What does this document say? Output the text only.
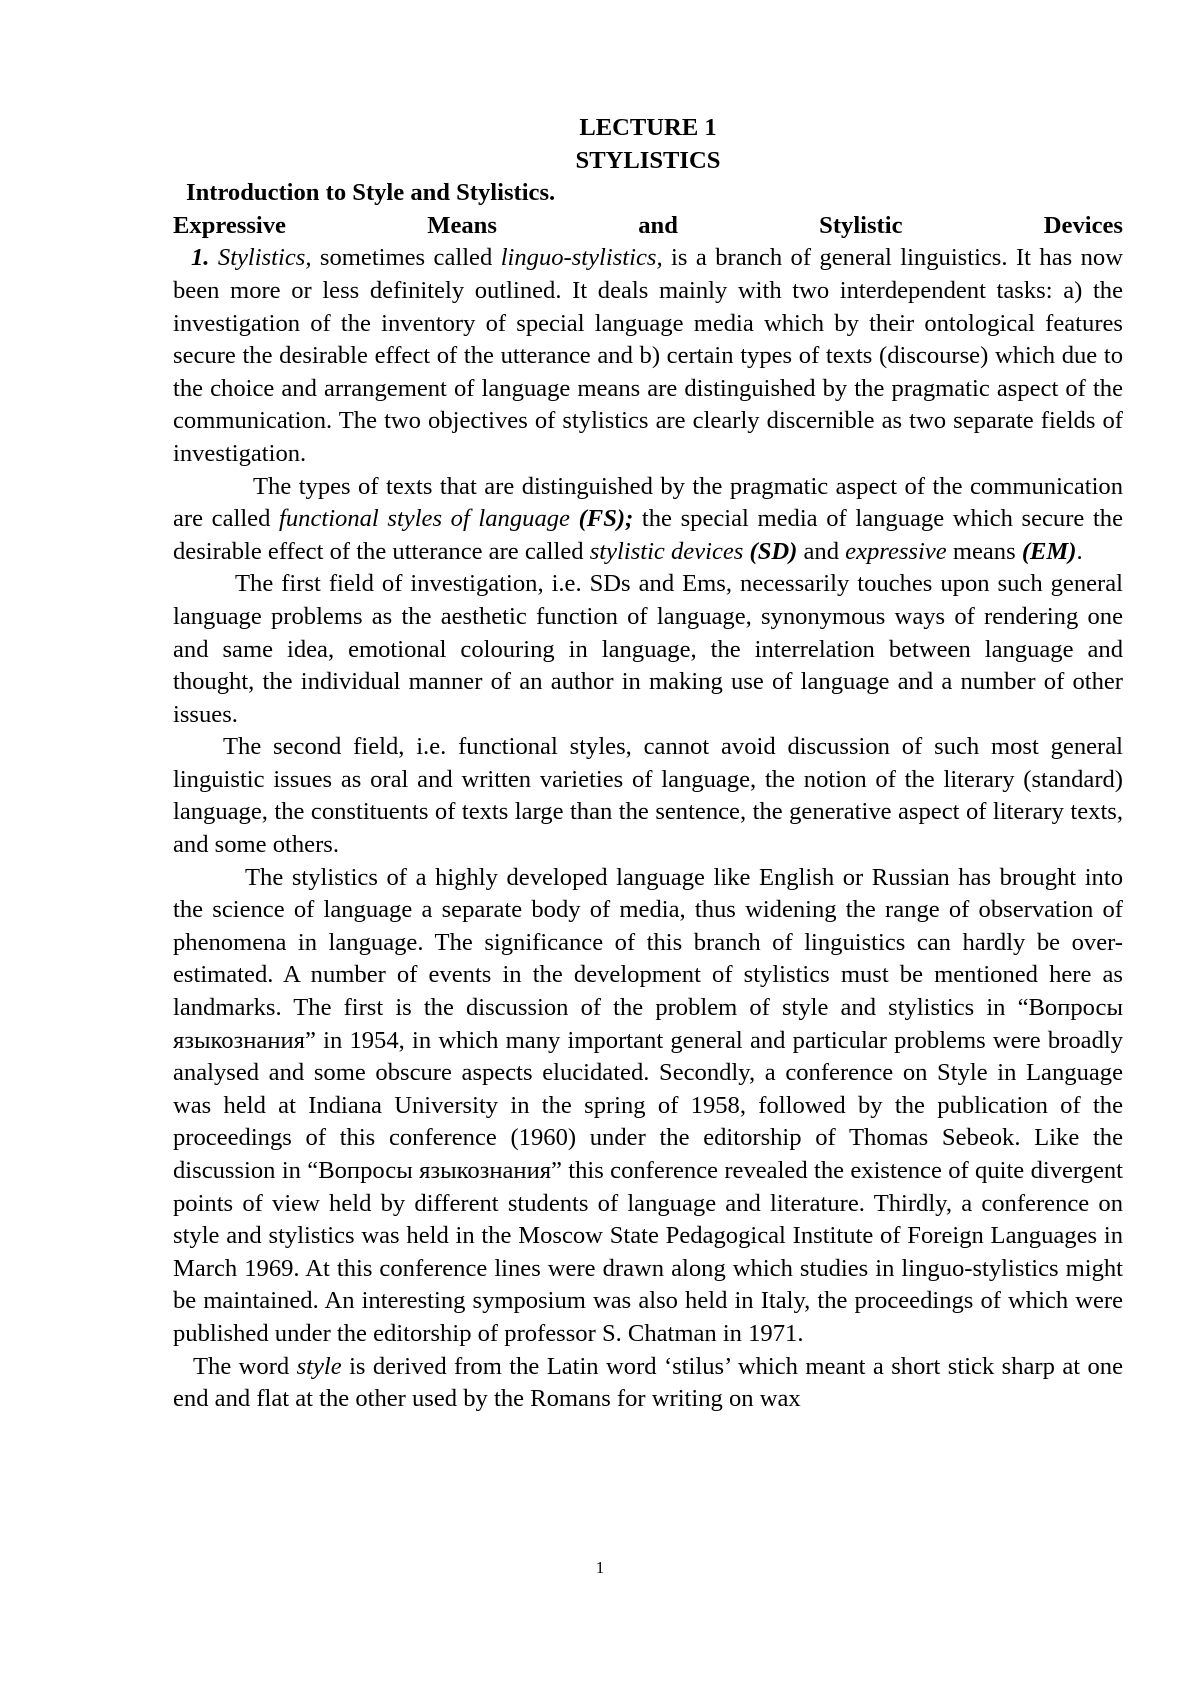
LECTURE 1

STYLISTICS

Introduction to Style and Stylistics.

Expressive	Means	and	Stylistic	Devices

1. Stylistics, sometimes called linguo-stylistics, is a branch of general linguistics. It has now been more or less definitely outlined. It deals mainly with two interdependent tasks: a) the investigation of the inventory of special language media which by their ontological features secure the desirable effect of the utterance and b) certain types of texts (discourse) which due to the choice and arrangement of language means are distinguished by the pragmatic aspect of the communication. The two objectives of stylistics are clearly discernible as two separate fields of investigation.

The types of texts that are distinguished by the pragmatic aspect of the communication are called functional styles of language (FS); the special media of language which secure the desirable effect of the utterance are called stylistic devices (SD) and expressive means (EM).

The first field of investigation, i.e. SDs and Ems, necessarily touches upon such general language problems as the aesthetic function of language, synonymous ways of rendering one and same idea, emotional colouring in language, the interrelation between language and thought, the individual manner of an author in making use of language and a number of other issues.

The second field, i.e. functional styles, cannot avoid discussion of such most general linguistic issues as oral and written varieties of language, the notion of the literary (standard) language, the constituents of texts large than the sentence, the generative aspect of literary texts, and some others.

The stylistics of a highly developed language like English or Russian has brought into the science of language a separate body of media, thus widening the range of observation of phenomena in language. The significance of this branch of linguistics can hardly be over-estimated. A number of events in the development of stylistics must be mentioned here as landmarks. The first is the discussion of the problem of style and stylistics in “Вопросы языкознания” in 1954, in which many important general and particular problems were broadly analysed and some obscure aspects elucidated. Secondly, a conference on Style in Language was held at Indiana University in the spring of 1958, followed by the publication of the proceedings of this conference (1960) under the editorship of Thomas Sebeok. Like the discussion in “Вопросы языкознания” this conference revealed the existence of quite divergent points of view held by different students of language and literature. Thirdly, a conference on style and stylistics was held in the Moscow State Pedagogical Institute of Foreign Languages in March 1969. At this conference lines were drawn along which studies in linguo-stylistics might be maintained. An interesting symposium was also held in Italy, the proceedings of which were published under the editorship of professor S. Chatman in 1971.

The word style is derived from the Latin word ‘stilus’ which meant a short stick sharp at one end and flat at the other used by the Romans for writing on wax

1
